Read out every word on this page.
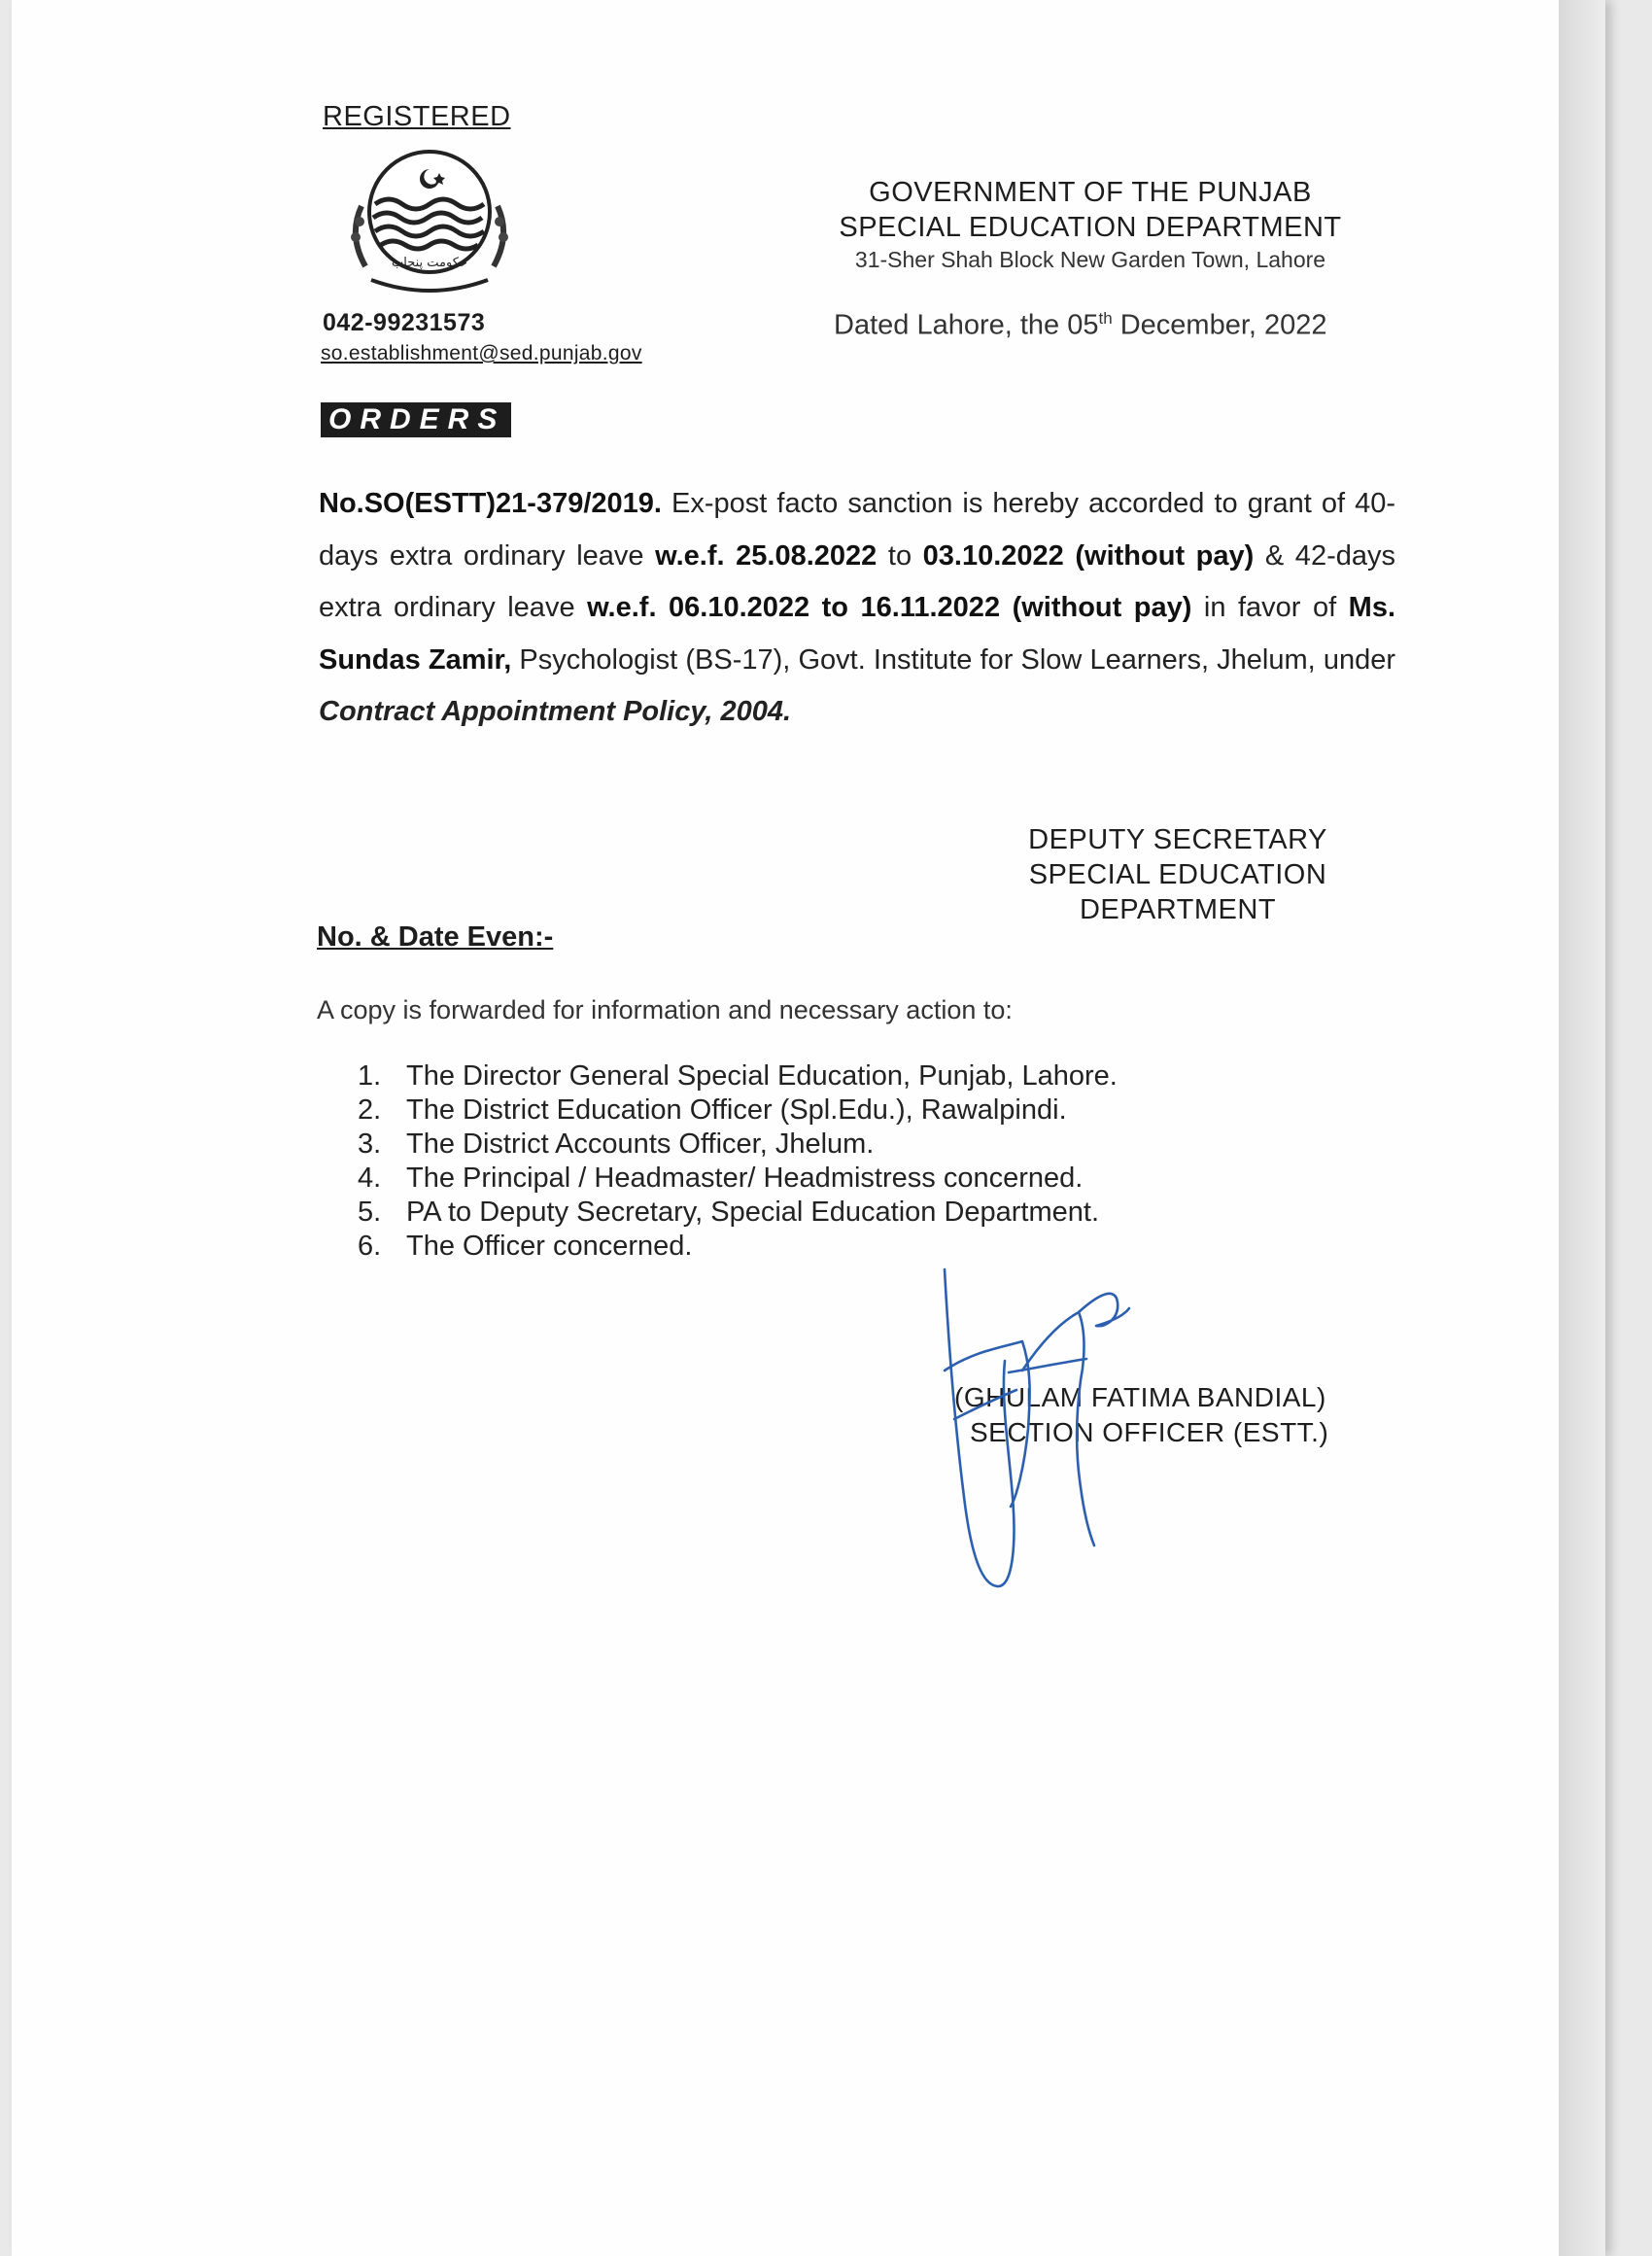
REGISTERED
حکومت پنجاب
042-99231573
so.establishment@sed.punjab.gov
GOVERNMENT OF THE PUNJAB
SPECIAL EDUCATION DEPARTMENT
31-Sher Shah Block New Garden Town, Lahore
Dated Lahore, the 05th December, 2022
ORDERS
No.SO(ESTT)21-379/2019. Ex-post facto sanction is hereby accorded to grant of 40-days extra ordinary leave w.e.f. 25.08.2022 to 03.10.2022 (without pay) & 42-days extra ordinary leave w.e.f. 06.10.2022 to 16.11.2022 (without pay) in favor of Ms. Sundas Zamir, Psychologist (BS-17), Govt. Institute for Slow Learners, Jhelum, under Contract Appointment Policy, 2004.
DEPUTY SECRETARY
SPECIAL EDUCATION
DEPARTMENT
No. & Date Even:-
A copy is forwarded for information and necessary action to:
1. The Director General Special Education, Punjab, Lahore.
2. The District Education Officer (Spl.Edu.), Rawalpindi.
3. The District Accounts Officer, Jhelum.
4. The Principal / Headmaster/ Headmistress concerned.
5. PA to Deputy Secretary, Special Education Department.
6. The Officer concerned.
(GHULAM FATIMA BANDIAL)
SECTION OFFICER (ESTT.)
